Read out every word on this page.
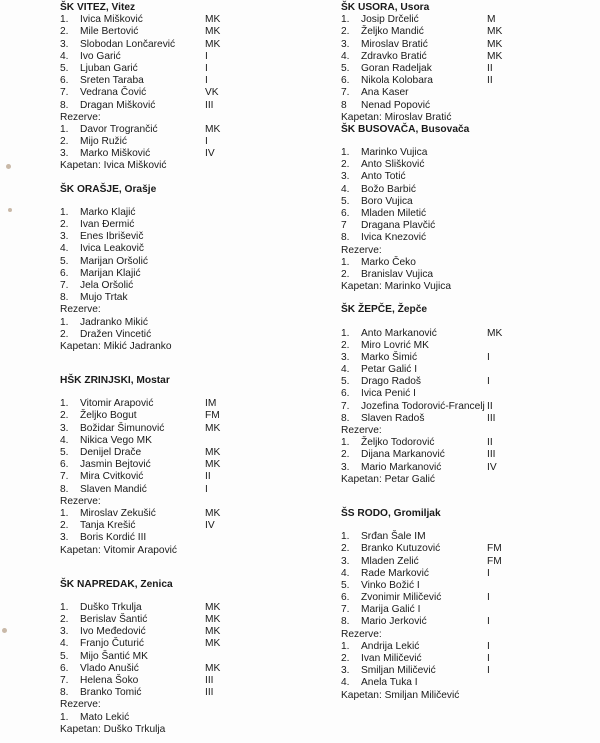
ŠK VITEZ, Vitez
1. Ivica Mišković	MK
2. Mile Bertović	MK
3. Slobodan Lončarević	MK
4. Ivo Garić	I
5. Ljuban Garić	I
6. Sreten Taraba	I
7. Vedrana Čović	VK
8. Dragan Mišković	III
Rezerve:
1. Davor Trogrančić	MK
2. Mijo Ružić	I
3. Marko Mišković	IV
Kapetan: Ivica Mišković
ŠK ORAŠJE, Orašje
1. Marko Klajić
2. Ivan Đermić
3. Enes Ibriševič
4. Ivica Leakovič
5. Marijan Oršolić
6. Marijan Klajić
7. Jela Oršolić
8. Mujo Trtak
Rezerve:
1. Jadranko Mikić
2. Dražen Vincetić
Kapetan: Mikić Jadranko
HŠK ZRINJSKI, Mostar
1. Vitomir Arapović	IM
2. Željko Bogut	FM
3. Božidar Šimunović	MK
4. Nikica Vego MK
5. Denijel Drače	MK
6. Jasmin Bejtović	MK
7. Mira Cvitković	II
8. Slaven Mandić	I
Rezerve:
1. Miroslav Zekušić	MK
2. Tanja Krešić	IV
3. Boris Kordić III
Kapetan: Vitomir Arapović
ŠK NAPREDAK, Zenica
1. Duško Trkulja	MK
2. Berislav Šantić	MK
3. Ivo Međedović	MK
4. Franjo Čuturić	MK
5. Mijo Šantić MK
6. Vlado Anušić	MK
7. Helena Šoko	III
8. Branko Tomić	III
Rezerve:
1. Mato Lekić
Kapetan: Duško Trkulja
ŠK USORA, Usora
1. Josip Drčelić	M
2. Željko Mandić	MK
3. Miroslav Bratić	MK
4. Zdravko Bratić	MK
5. Goran Radeljak	II
6. Nikola Kolobara	II
7. Ana Kaser
8 Nenad Popović
Kapetan: Miroslav Bratić
ŠK BUSOVAČA, Busovača
1. Marinko Vujica
2. Anto Slišković
3. Anto Totić
4. Božo Barbić
5. Boro Vujica
6. Mladen Miletić
7 Dragana Plavčić
8. Ivica Knezović
Rezerve:
1. Marko Čeko
2. Branislav Vujica
Kapetan: Marinko Vujica
ŠK ŽEPČE, Žepče
1. Anto Markanović	MK
2. Miro Lovrić MK
3. Marko Šimić	I
4. Petar Galić I
5. Drago Radoš	I
6. Ivica Penić I
7. Jozefina Todorović-Francelj II
8. Slaven Radoš	III
Rezerve:
1. Željko Todorović	II
2. Dijana Markanović	III
3. Mario Markanović	IV
Kapetan: Petar Galić
ŠS RODO, Gromiljak
1. Srđan Šale IM
2. Branko Kutuzović	FM
3. Mladen Zelić	FM
4. Rade Marković	I
5. Vinko Božić I
6. Zvonimir Miličević	I
7. Marija Galić I
8. Mario Jerković	I
Rezerve:
1. Andrija Lekić	I
2. Ivan Miličević	I
3. Smiljan Miličević	I
4. Anela Tuka I
Kapetan: Smiljan Miličević
